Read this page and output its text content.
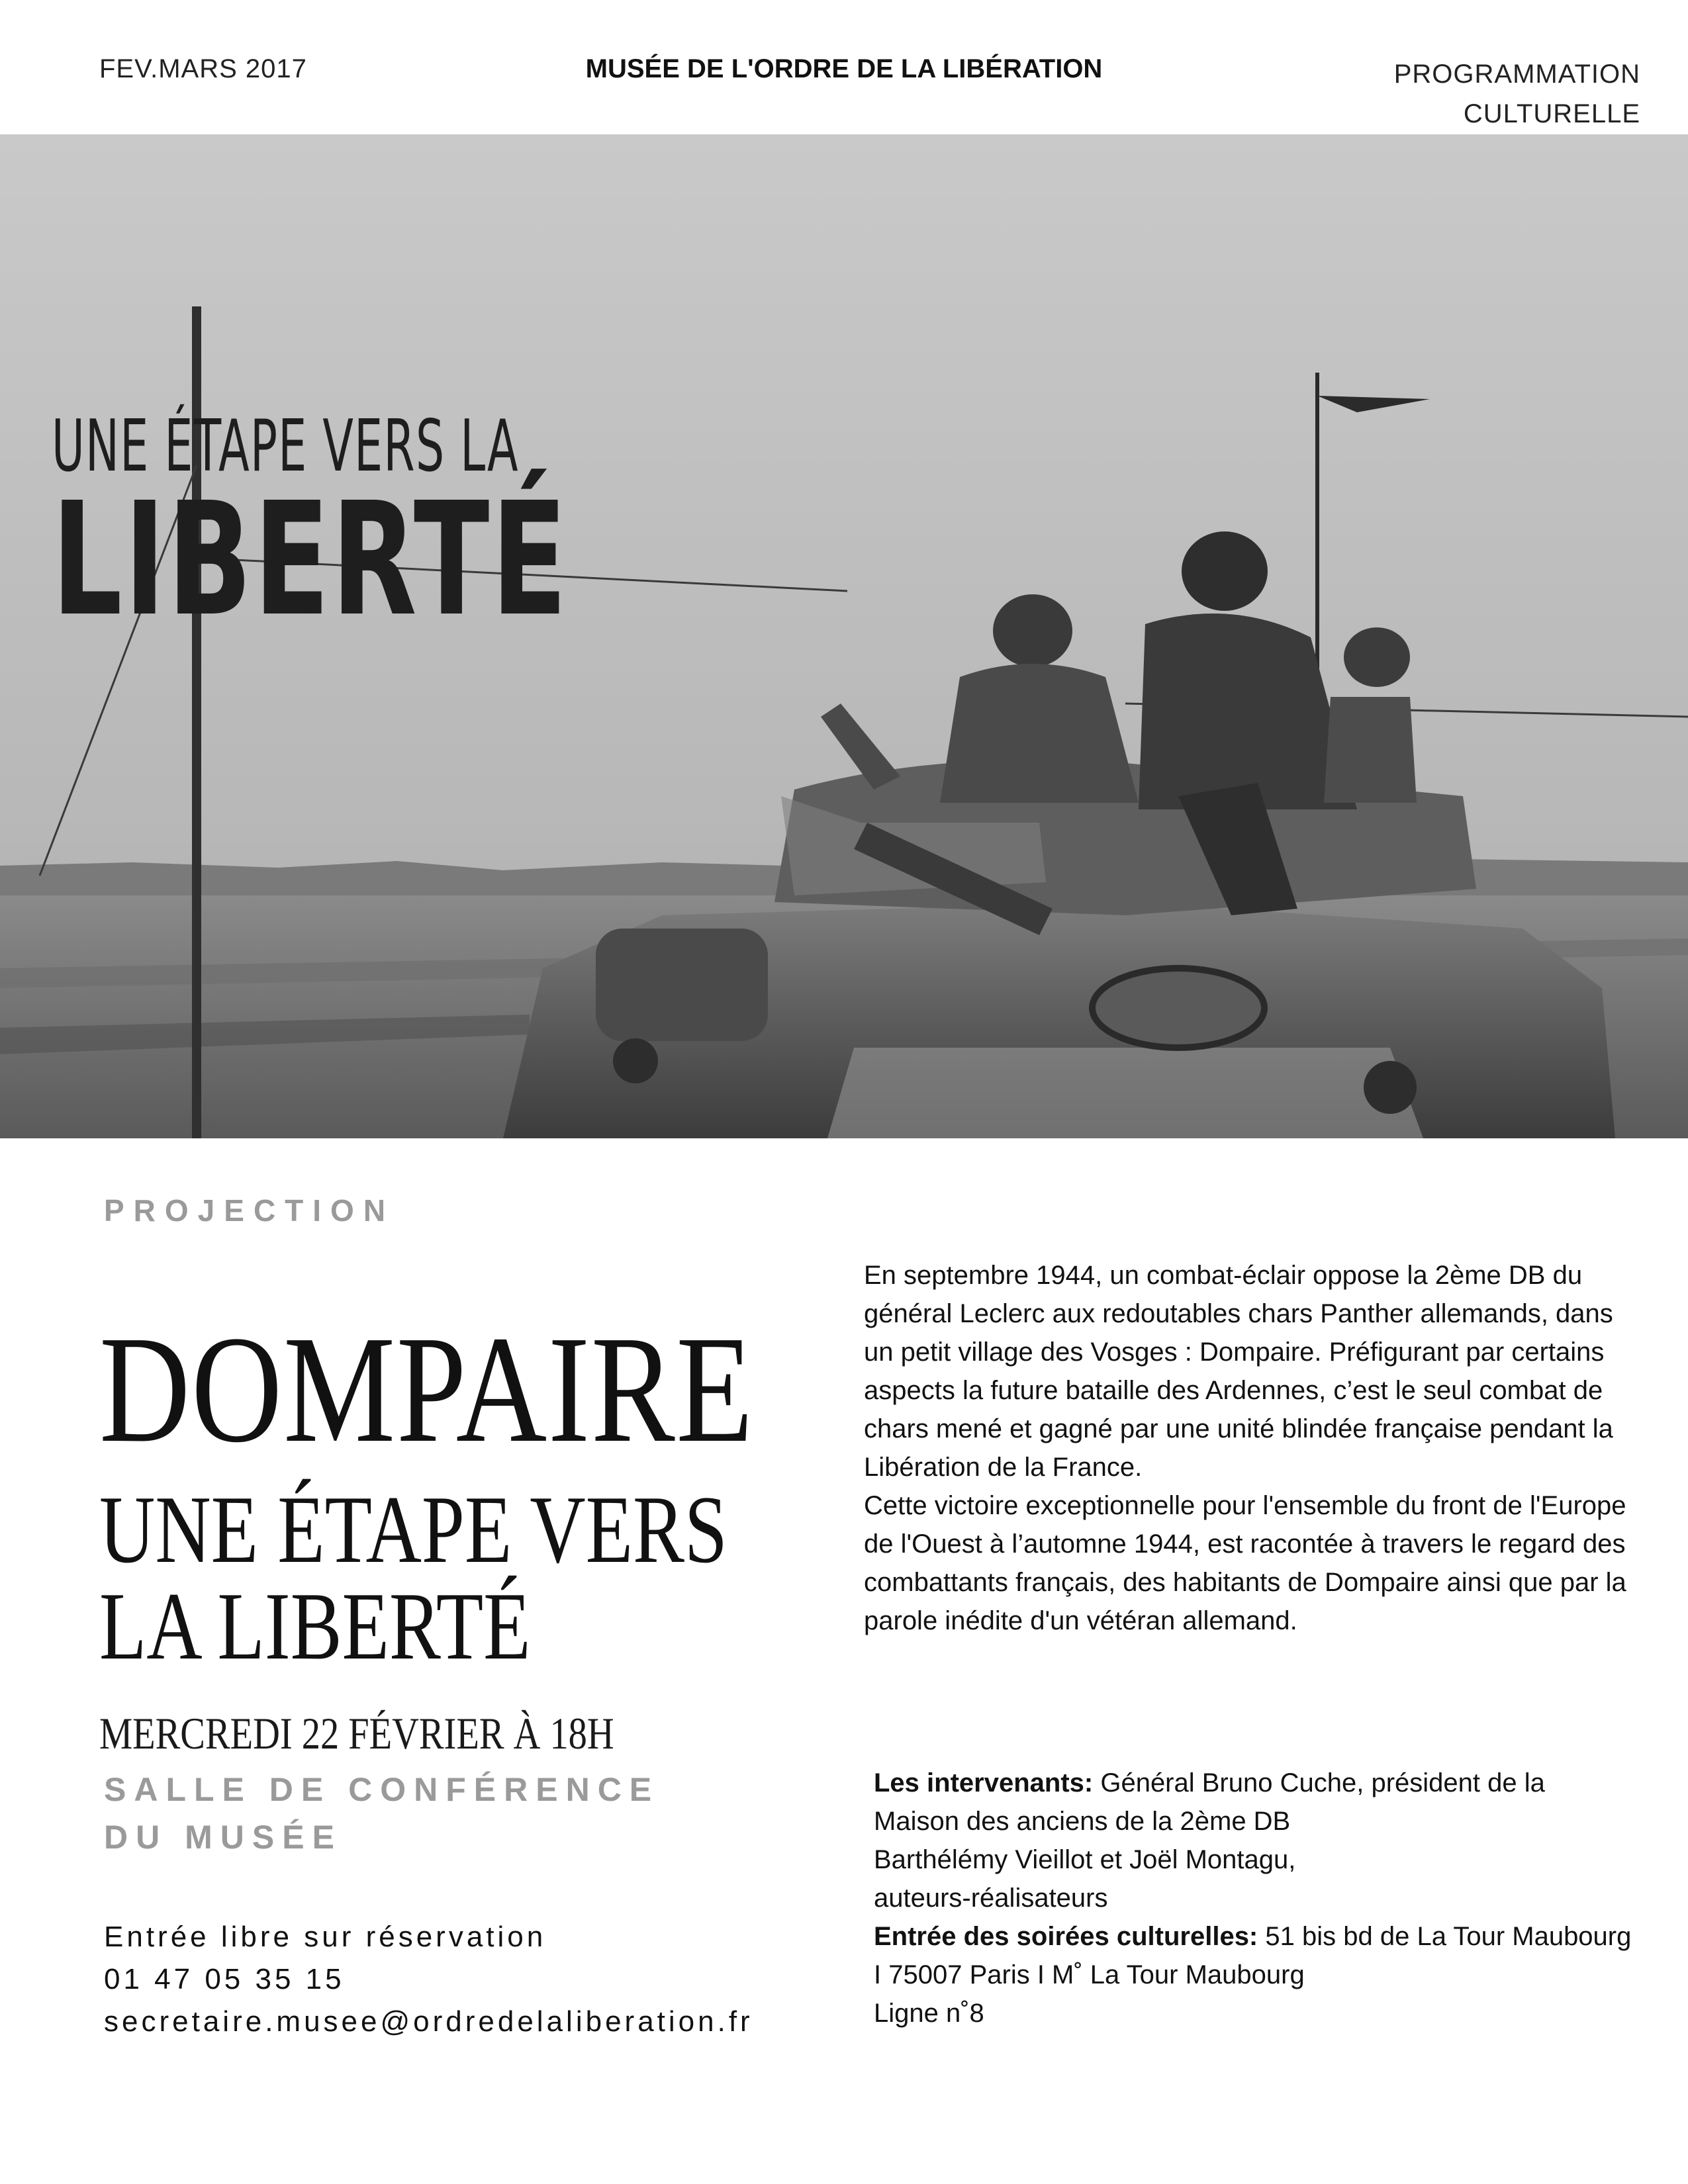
FEV.MARS 2017	MUSÉE DE L'ORDRE DE LA LIBÉRATION	PROGRAMMATION
CULTURELLE
UNE ÉTAPE VERS LA
LIBERTÉ
PROJECTION
DOMPAIRE
UNE ÉTAPE VERS
LA LIBERTÉ
MERCREDI 22 FÉVRIER À 18H
SALLE DE CONFÉRENCE
DU MUSÉE
Entrée libre sur réservation
01 47 05 35 15
secretaire.musee@ordredelaliberation.fr

En septembre 1944, un combat-éclair oppose la 2ème DB du général Leclerc aux redoutables chars Panther allemands, dans un petit village des Vosges : Dompaire. Préfigurant par certains aspects la future bataille des Ardennes, c’est le seul combat de chars mené et gagné par une unité blindée française pendant la Libération de la France.

Cette victoire exceptionnelle pour l'ensemble du front de l'Europe de l'Ouest à l’automne 1944, est racontée à travers le regard des combattants français, des habitants de Dompaire ainsi que par la parole inédite d'un vétéran allemand.

Les intervenants: Général Bruno Cuche, président de la Maison des anciens de la 2ème DB

Barthélémy Vieillot et Joël Montagu,

auteurs-réalisateurs

Entrée des soirées culturelles: 51 bis bd de La Tour Maubourg I 75007 Paris I M˚ La Tour Maubourg

Ligne n˚8
